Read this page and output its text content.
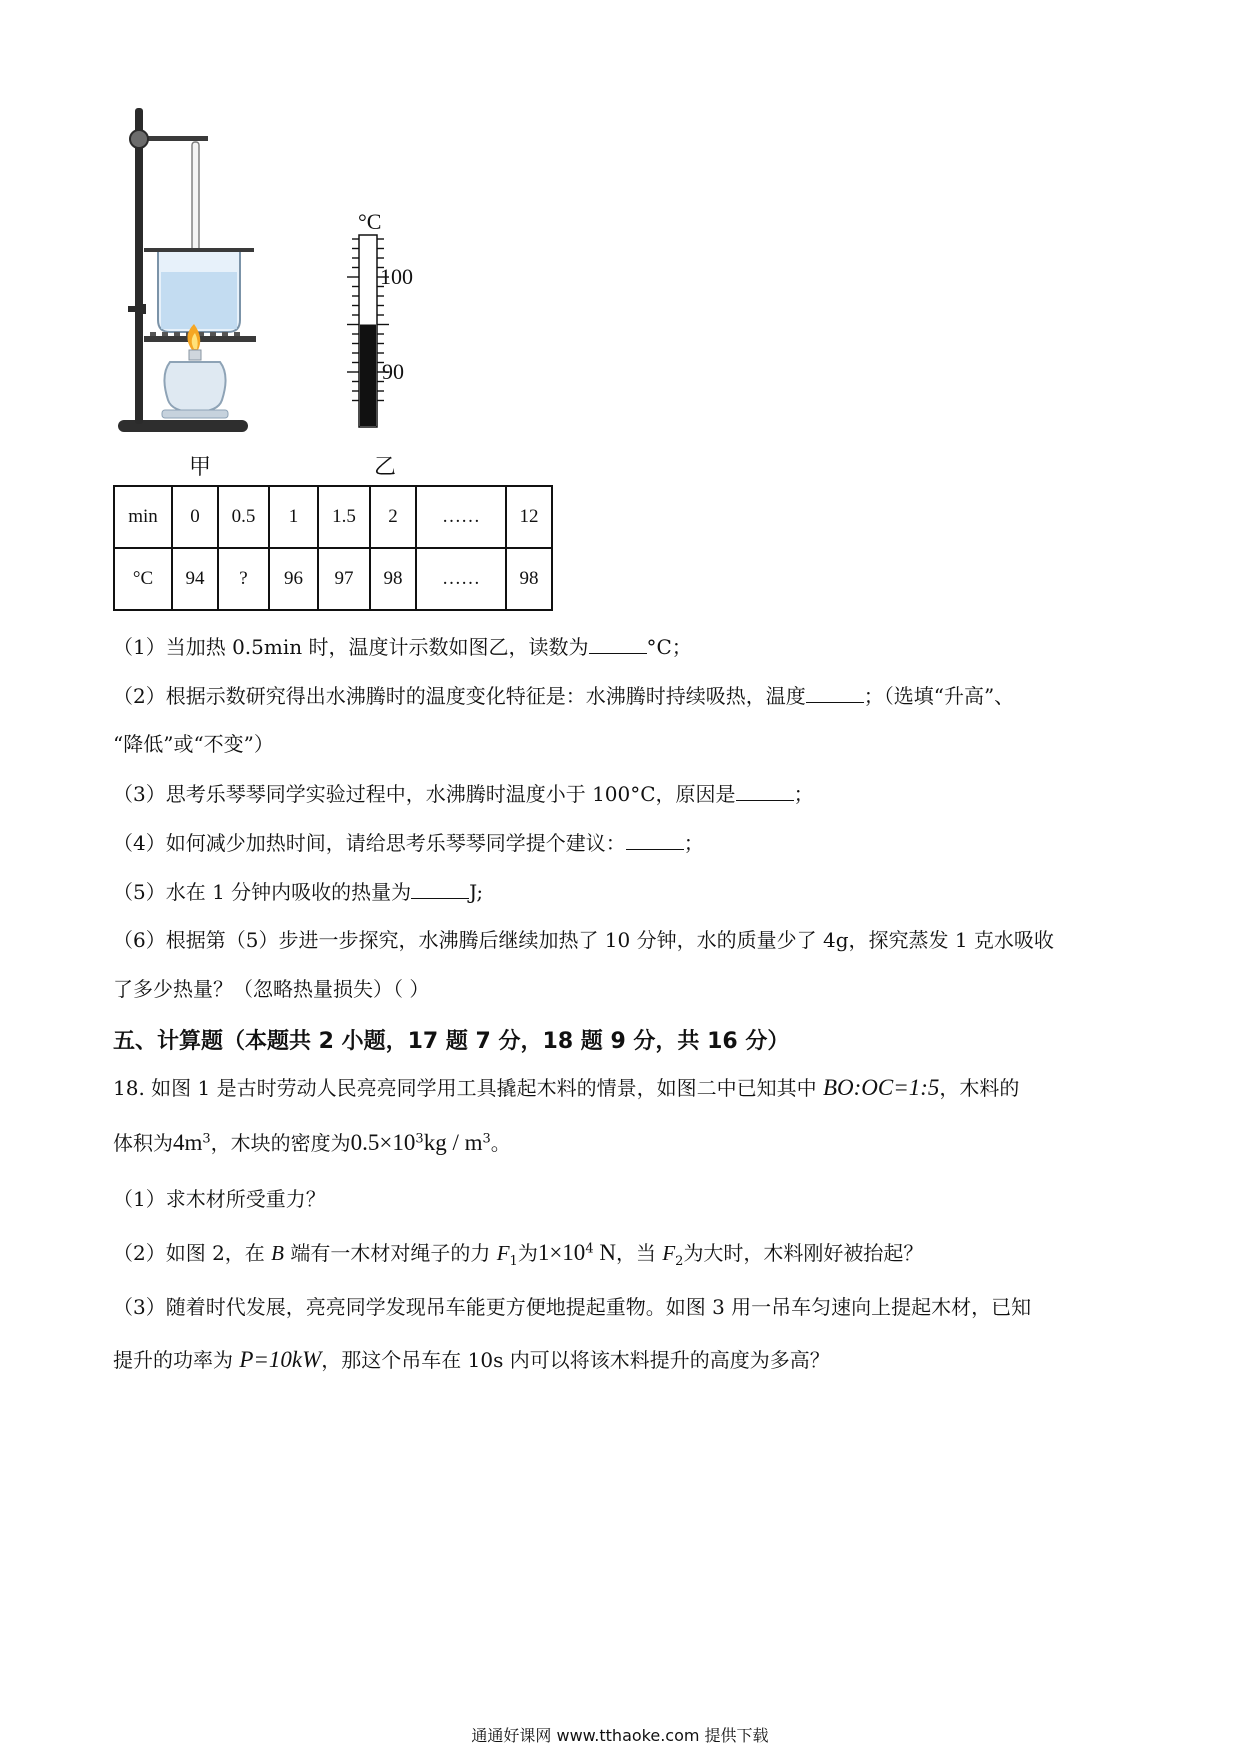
甲
°C
100
90
乙
min	0	0.5	1	1.5	2	……	12
°C	94	?	96	97	98	……	98
（1）当加热 0.5min 时，温度计示数如图乙，读数为	°C；
（2）根据示数研究得出水沸腾时的温度变化特征是：水沸腾时持续吸热，温度	；（选填“升高”、
“降低”或“不变”）
（3）思考乐琴琴同学实验过程中，水沸腾时温度小于 100°C，原因是	；
（4）如何减少加热时间，请给思考乐琴琴同学提个建议：	；
（5）水在 1 分钟内吸收的热量为	J;
（6）根据第（5）步进一步探究，水沸腾后继续加热了 10 分钟，水的质量少了 4g，探究蒸发 1 克水吸收
了多少热量？（忽略热量损失）（ ）
五、计算题（本题共 2 小题，17 题 7 分，18 题 9 分，共 16 分）
18. 如图 1 是古时劳动人民亮亮同学用工具撬起木料的情景，如图二中已知其中 BO:OC=1:5，木料的
体积为$4m^3$，木块的密度为$0.5\times 10^3kg / m^3$。
（1）求木材所受重力？
（2）如图 2，在 B 端有一木材对绳子的力 $F_1$为$1\times 10^4$ N，当 $F_2$为大时，木料刚好被抬起？
（3）随着时代发展，亮亮同学发现吊车能更方便地提起重物。如图 3 用一吊车匀速向上提起木材，已知
提升的功率为 P=10kW，那这个吊车在 10s 内可以将该木料提升的高度为多高？
通通好课网 www.tthaoke.com 提供下载
